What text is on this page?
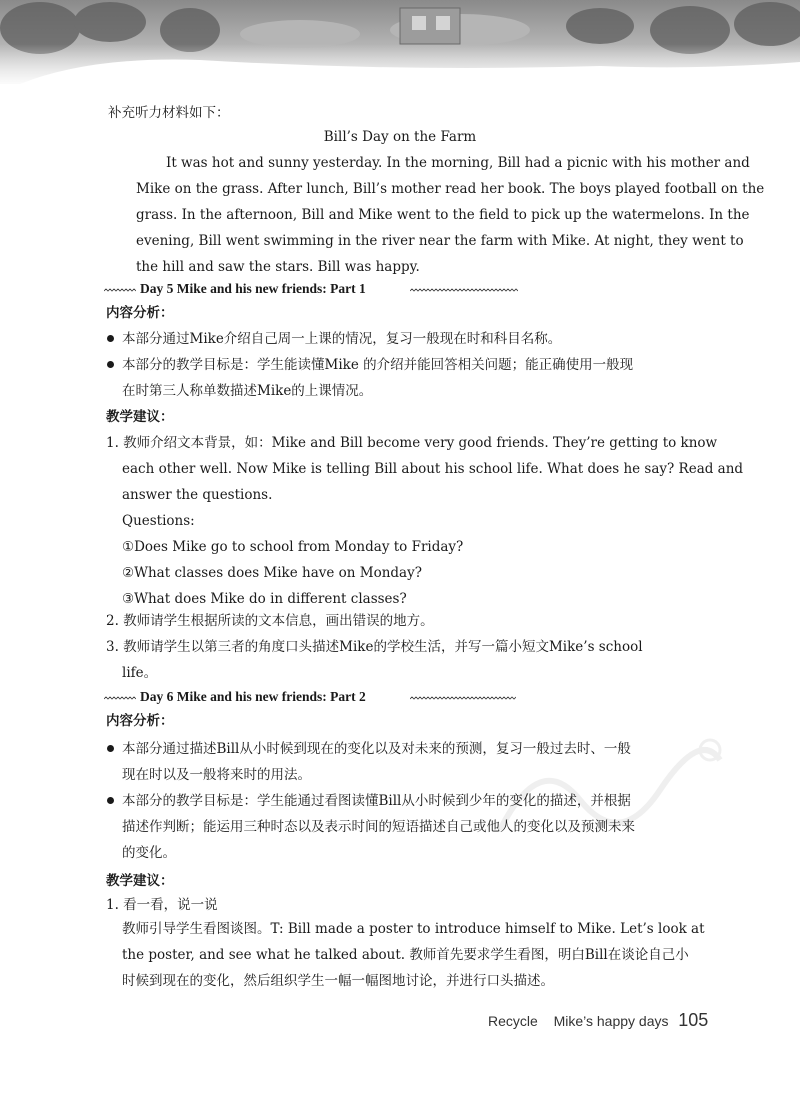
补充听力材料如下：
Bill’s Day on the Farm
It was hot and sunny yesterday. In the morning, Bill had a picnic with his mother and
Mike on the grass. After lunch, Bill’s mother read her book. The boys played football on the
grass. In the afternoon, Bill and Mike went to the field to pick up the watermelons. In the
evening, Bill went swimming in the river near the farm with Mike. At night, they went to
the hill and saw the stars. Bill was happy.
Day 5 Mike and his new friends: Part 1
内容分析：
本部分通过Mike介绍自己周一上课的情况，复习一般现在时和科目名称。
本部分的教学目标是：学生能读懂Mike 的介绍并能回答相关问题；能正确使用一般现
在时第三人称单数描述Mike的上课情况。
教学建议：
1. 教师介绍文本背景，如：Mike and Bill become very good friends. They’re getting to know
each other well. Now Mike is telling Bill about his school life. What does he say? Read and
answer the questions.
Questions:
①Does Mike go to school from Monday to Friday?
②What classes does Mike have on Monday?
③What does Mike do in different classes?
2. 教师请学生根据所读的文本信息，画出错误的地方。
3. 教师请学生以第三者的角度口头描述Mike的学校生活，并写一篇小短文Mike’s school
life。
Day 6 Mike and his new friends: Part 2
内容分析：
本部分通过描述Bill从小时候到现在的变化以及对未来的预测，复习一般过去时、一般
现在时以及一般将来时的用法。
本部分的教学目标是：学生能通过看图读懂Bill从小时候到少年的变化的描述，并根据
描述作判断；能运用三种时态以及表示时间的短语描述自己或他人的变化以及预测未来
的变化。
教学建议：
1. 看一看，说一说
教师引导学生看图谈图。T: Bill made a poster to introduce himself to Mike. Let’s look at
the poster, and see what he talked about. 教师首先要求学生看图，明白Bill在谈论自己小
时候到现在的变化，然后组织学生一幅一幅图地讨论，并进行口头描述。
Recycle Mike’s happy days 105
